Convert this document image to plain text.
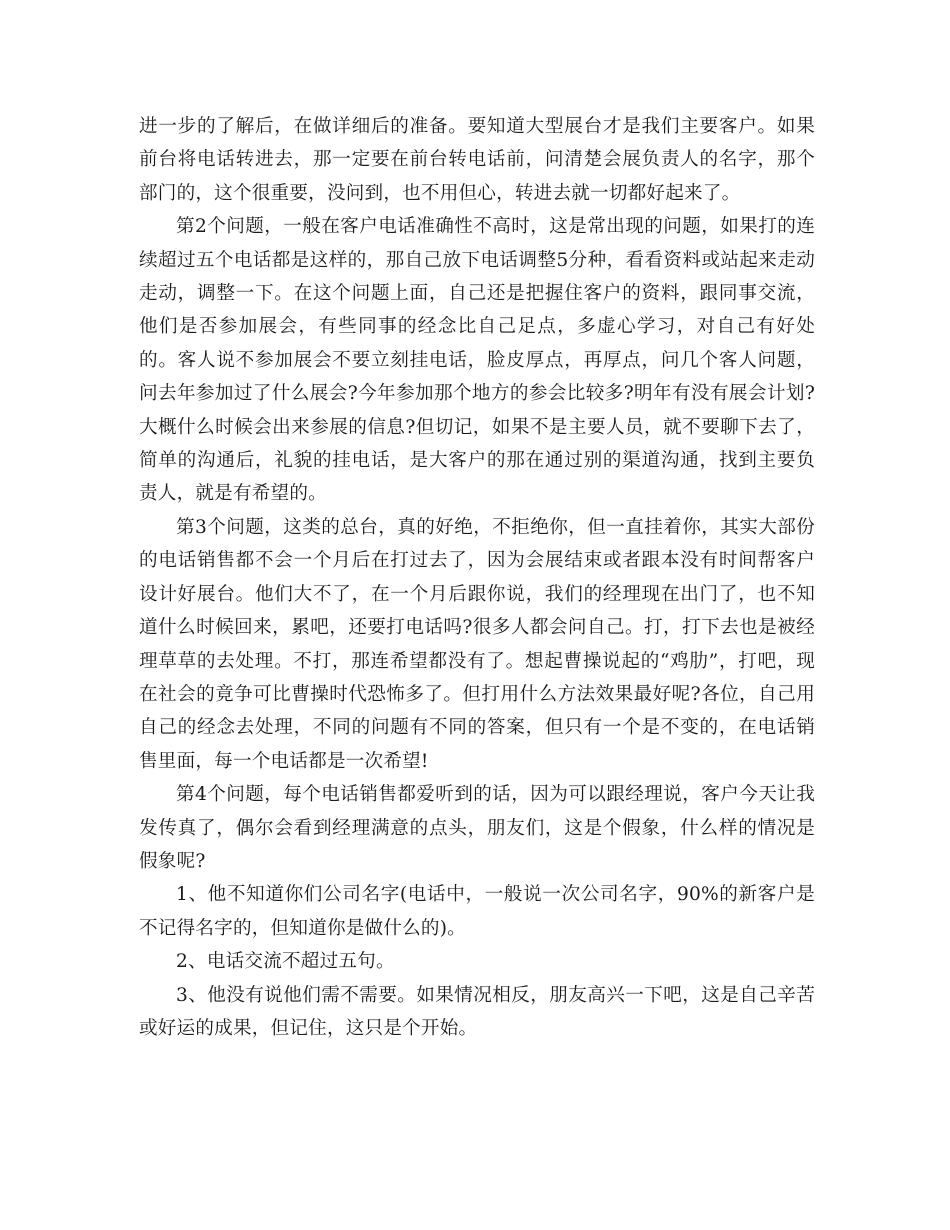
进一步的了解后，在做详细后的准备。要知道大型展台才是我们主要客户。如果前台将电话转进去，那一定要在前台转电话前，问清楚会展负责人的名字，那个部门的，这个很重要，没问到，也不用但心，转进去就一切都好起来了。

第2个问题，一般在客户电话准确性不高时，这是常出现的问题，如果打的连续超过五个电话都是这样的，那自己放下电话调整5分种，看看资料或站起来走动走动，调整一下。在这个问题上面，自己还是把握住客户的资料，跟同事交流，他们是否参加展会，有些同事的经念比自己足点，多虚心学习，对自己有好处的。客人说不参加展会不要立刻挂电话，脸皮厚点，再厚点，问几个客人问题，问去年参加过了什么展会?今年参加那个地方的参会比较多?明年有没有展会计划?大概什么时候会出来参展的信息?但切记，如果不是主要人员，就不要聊下去了，简单的沟通后，礼貌的挂电话，是大客户的那在通过别的渠道沟通，找到主要负责人，就是有希望的。

第3个问题，这类的总台，真的好绝，不拒绝你，但一直挂着你，其实大部份的电话销售都不会一个月后在打过去了，因为会展结束或者跟本没有时间帮客户设计好展台。他们大不了，在一个月后跟你说，我们的经理现在出门了，也不知道什么时候回来，累吧，还要打电话吗?很多人都会问自己。打，打下去也是被经理草草的去处理。不打，那连希望都没有了。想起曹操说起的“鸡肋”，打吧，现在社会的竟争可比曹操时代恐怖多了。但打用什么方法效果最好呢?各位，自己用自己的经念去处理，不同的问题有不同的答案，但只有一个是不变的，在电话销售里面，每一个电话都是一次希望!

第4个问题，每个电话销售都爱听到的话，因为可以跟经理说，客户今天让我发传真了，偶尔会看到经理满意的点头，朋友们，这是个假象，什么样的情况是假象呢?

1、他不知道你们公司名字(电话中，一般说一次公司名字，90%的新客户是不记得名字的，但知道你是做什么的)。

2、电话交流不超过五句。

3、他没有说他们需不需要。如果情况相反，朋友高兴一下吧，这是自己辛苦或好运的成果，但记住，这只是个开始。
